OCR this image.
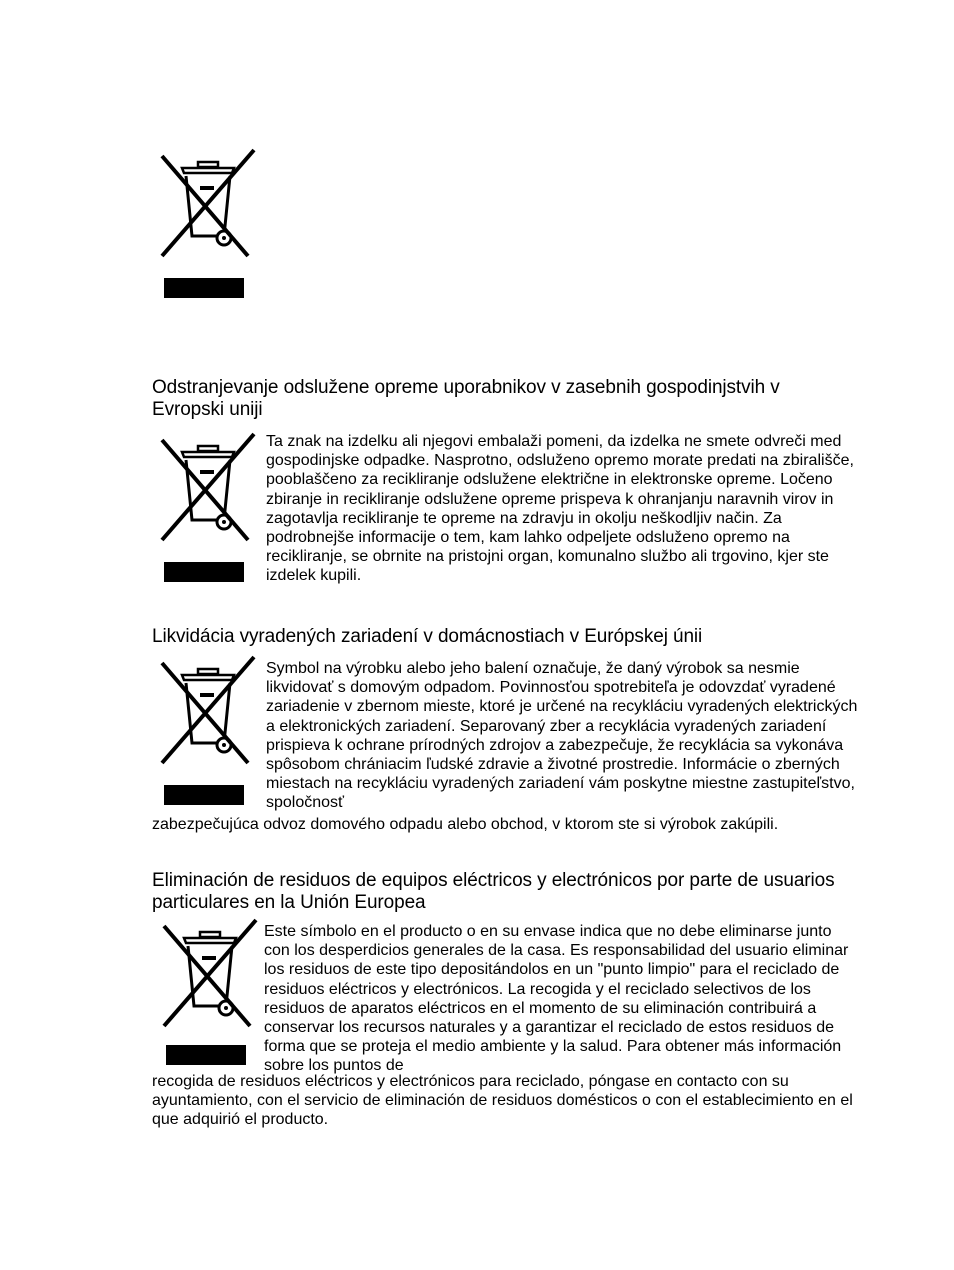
Odstranjevanje odslužene opreme uporabnikov v zasebnih gospodinjstvih v Evropski uniji

Ta znak na izdelku ali njegovi embalaži pomeni, da izdelka ne smete odvreči med gospodinjske odpadke. Nasprotno, odsluženo opremo morate predati na zbirališče, pooblaščeno za recikliranje odslužene električne in elektronske opreme. Ločeno zbiranje in recikliranje odslužene opreme prispeva k ohranjanju naravnih virov in zagotavlja recikliranje te opreme na zdravju in okolju neškodljiv način. Za podrobnejše informacije o tem, kam lahko odpeljete odsluženo opremo na recikliranje, se obrnite na pristojni organ, komunalno službo ali trgovino, kjer ste izdelek kupili.

Likvidácia vyradených zariadení v domácnostiach v Európskej únii

Symbol na výrobku alebo jeho balení označuje, že daný výrobok sa nesmie likvidovať s domovým odpadom. Povinnosťou spotrebiteľa je odovzdať vyradené zariadenie v zbernom mieste, ktoré je určené na recykláciu vyradených elektrických a elektronických zariadení. Separovaný zber a recyklácia vyradených zariadení prispieva k ochrane prírodných zdrojov a zabezpečuje, že recyklácia sa vykonáva spôsobom chrániacim ľudské zdravie a životné prostredie. Informácie o zberných miestach na recykláciu vyradených zariadení vám poskytne miestne zastupiteľstvo, spoločnosť

zabezpečujúca odvoz domového odpadu alebo obchod, v ktorom ste si výrobok zakúpili.

Eliminación de residuos de equipos eléctricos y electrónicos por parte de usuarios particulares en la Unión Europea

Este símbolo en el producto o en su envase indica que no debe eliminarse junto con los desperdicios generales de la casa. Es responsabilidad del usuario eliminar los residuos de este tipo depositándolos en un "punto limpio" para el reciclado de residuos eléctricos y electrónicos. La recogida y el reciclado selectivos de los residuos de aparatos eléctricos en el momento de su eliminación contribuirá a conservar los recursos naturales y a garantizar el reciclado de estos residuos de forma que se proteja el medio ambiente y la salud. Para obtener más información sobre los puntos de

recogida de residuos eléctricos y electrónicos para reciclado, póngase en contacto con su ayuntamiento, con el servicio de eliminación de residuos domésticos o con el establecimiento en el que adquirió el producto.
